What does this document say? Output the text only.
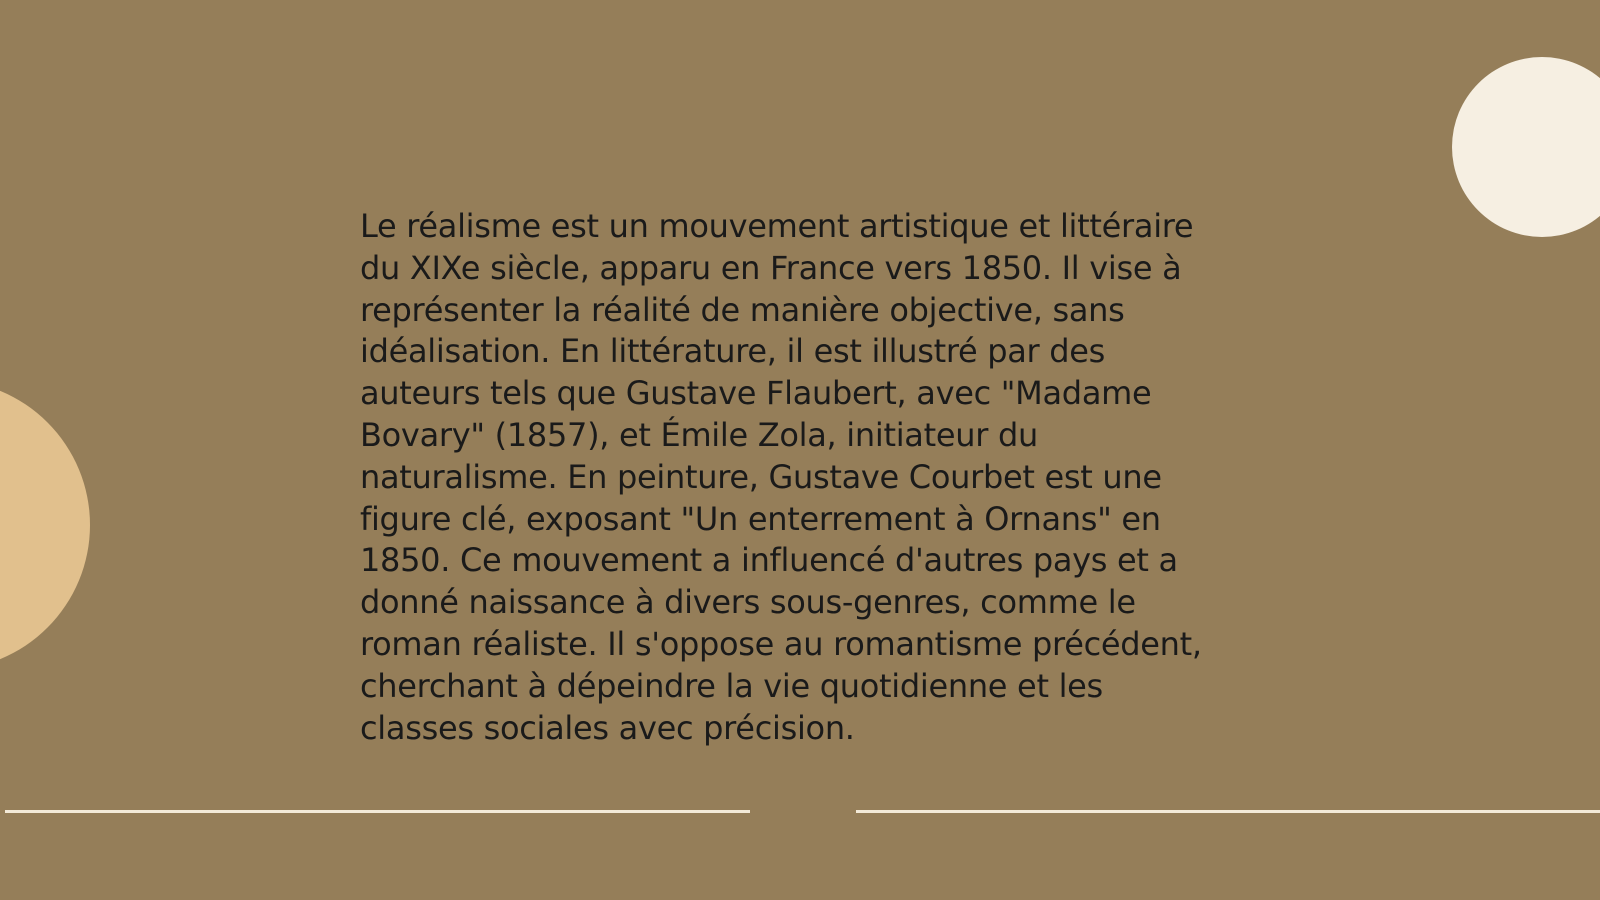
Le réalisme est un mouvement artistique et littéraire
du XIXe siècle, apparu en France vers 1850. Il vise à
représenter la réalité de manière objective, sans
idéalisation. En littérature, il est illustré par des
auteurs tels que Gustave Flaubert, avec "Madame
Bovary" (1857), et Émile Zola, initiateur du
naturalisme. En peinture, Gustave Courbet est une
figure clé, exposant "Un enterrement à Ornans" en
1850. Ce mouvement a influencé d'autres pays et a
donné naissance à divers sous-genres, comme le
roman réaliste. Il s'oppose au romantisme précédent,
cherchant à dépeindre la vie quotidienne et les
classes sociales avec précision.
